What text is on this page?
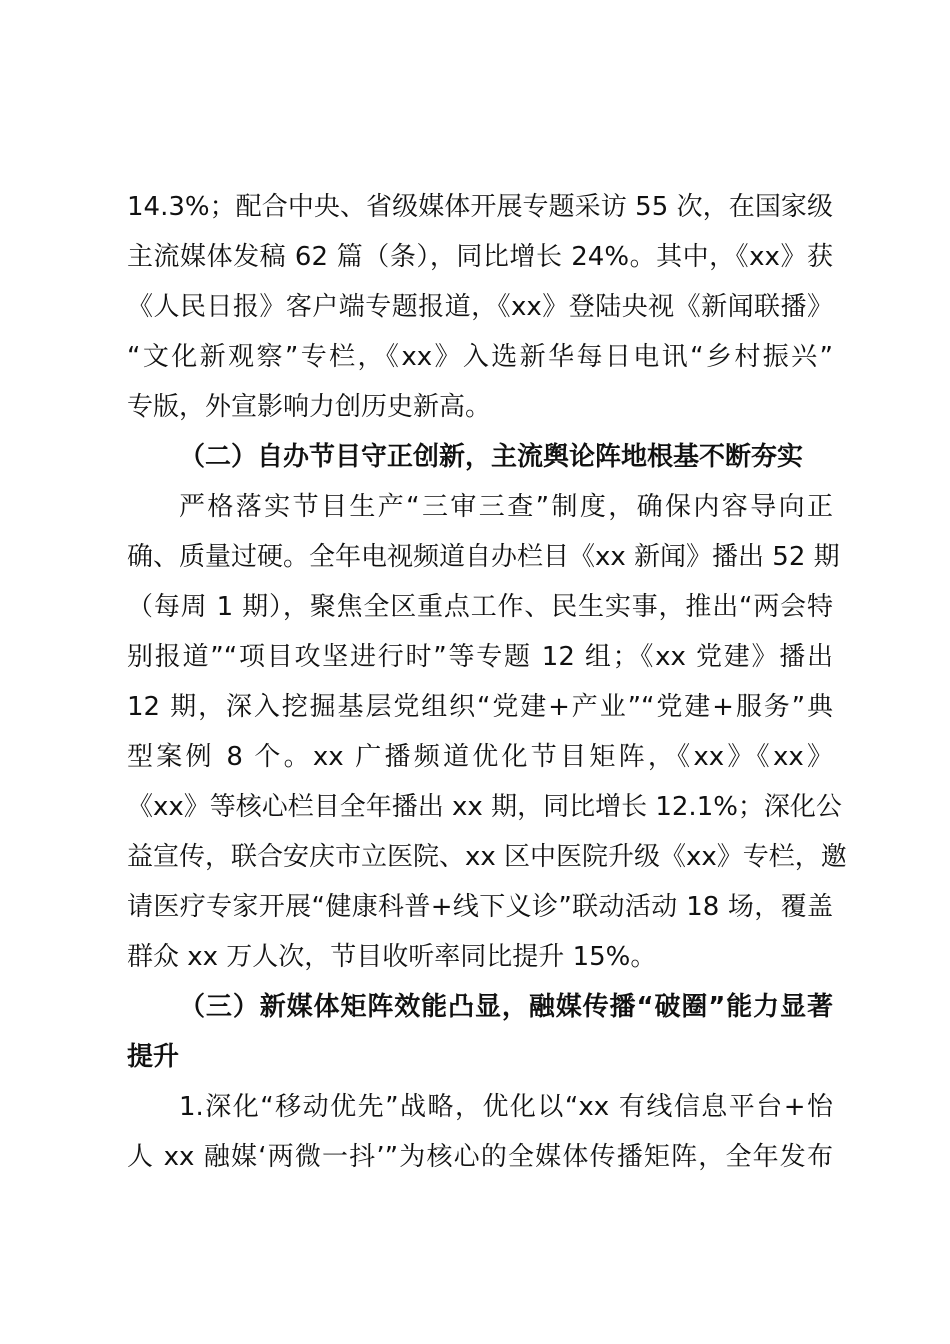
14.3%；配合中央、省级媒体开展专题采访 55 次，在国家级
主流媒体发稿 62 篇（条），同比增长 24%。其中，《xx》获
《人民日报》客户端专题报道，《xx》登陆央视《新闻联播》
“文化新观察”专栏，《xx》入选新华每日电讯“乡村振兴”
专版，外宣影响力创历史新高。
（二）自办节目守正创新，主流舆论阵地根基不断夯实
严格落实节目生产“三审三查”制度，确保内容导向正
确、质量过硬。全年电视频道自办栏目《xx 新闻》播出 52 期
（每周 1 期），聚焦全区重点工作、民生实事，推出“两会特
别报道”“项目攻坚进行时”等专题 12 组；《xx 党建》播出
12 期，深入挖掘基层党组织“党建+产业”“党建+服务”典
型案例 8 个。xx 广播频道优化节目矩阵，《xx》《xx》
《xx》等核心栏目全年播出 xx 期，同比增长 12.1%；深化公
益宣传，联合安庆市立医院、xx 区中医院升级《xx》专栏，邀
请医疗专家开展“健康科普+线下义诊”联动活动 18 场，覆盖
群众 xx 万人次，节目收听率同比提升 15%。
（三）新媒体矩阵效能凸显，融媒传播“破圈”能力显著
提升
1.深化“移动优先”战略，优化以“xx 有线信息平台+怡
人 xx 融媒‘两微一抖’”为核心的全媒体传播矩阵，全年发布
